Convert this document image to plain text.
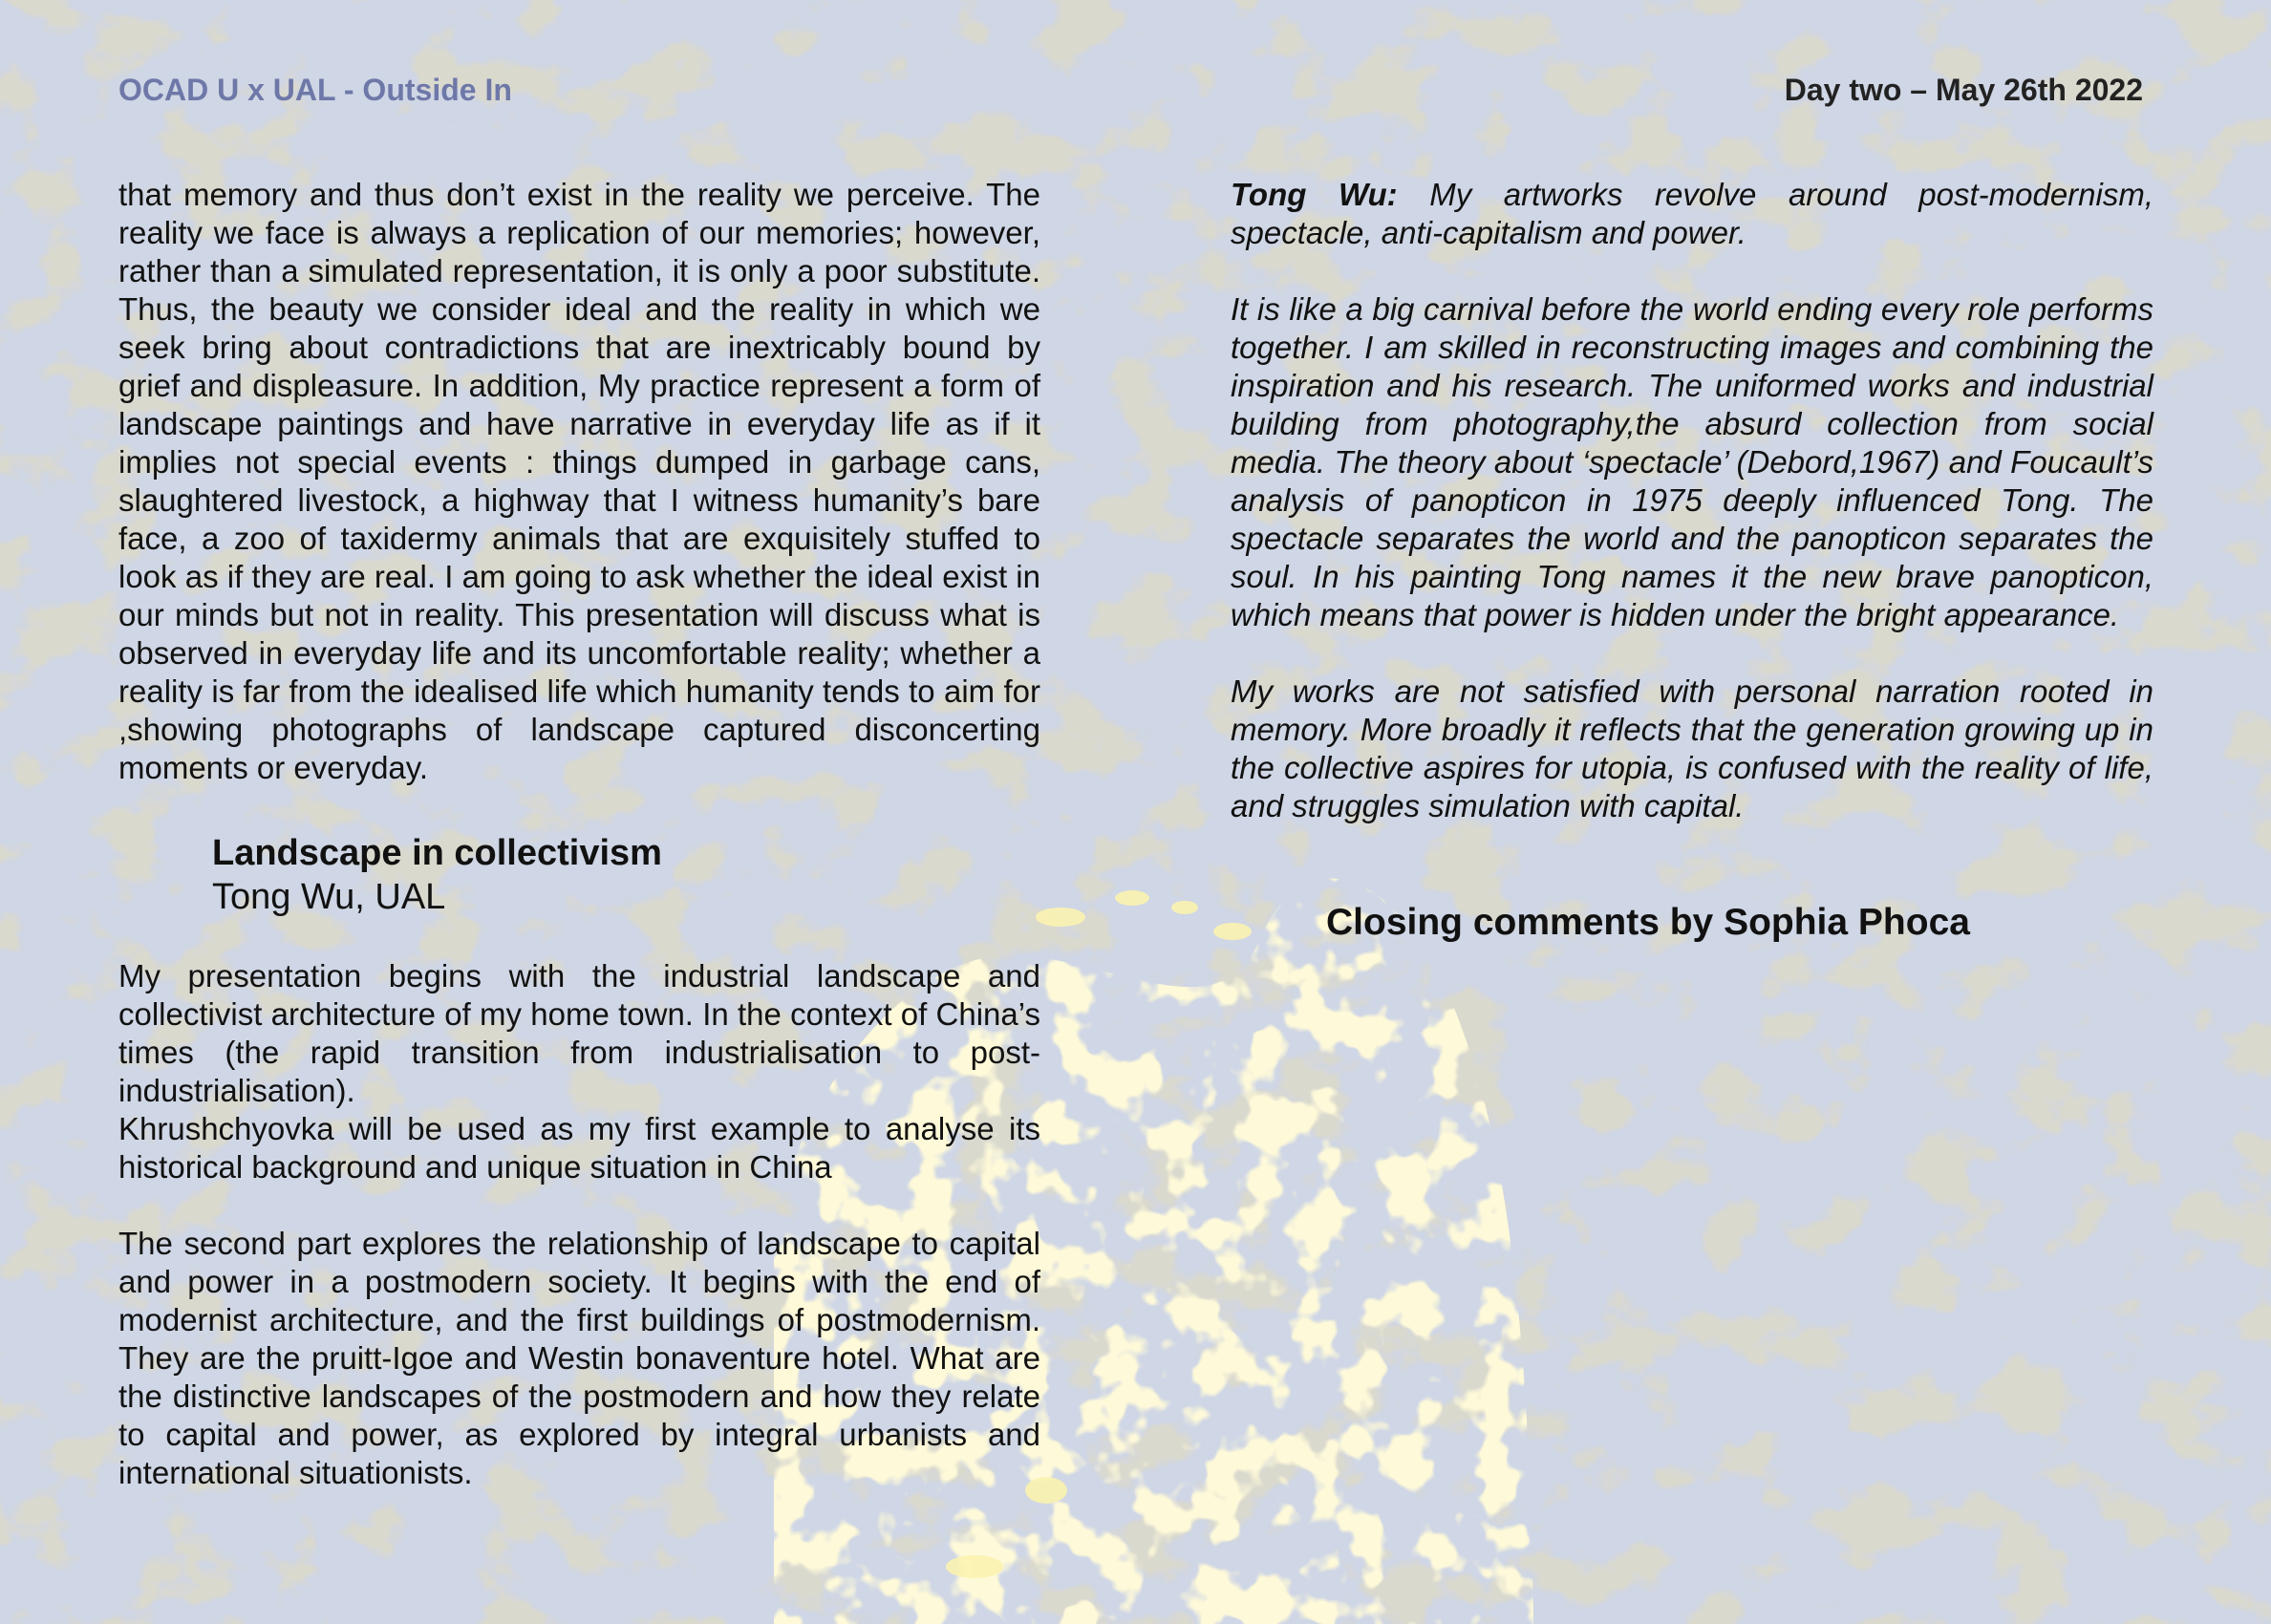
OCAD U x UAL - Outside In	Day two – May 26th 2022

that memory and thus don’t exist in the reality we perceive. The reality we face is always a replication of our memories; however, rather than a simulated representation, it is only a poor substitute. Thus, the beauty we consider ideal and the reality in which we seek bring about contradictions that are inextricably bound by grief and displeasure. In addition, My practice represent a form of landscape paintings and have narrative in everyday life as if it implies not special events : things dumped in garbage cans, slaughtered livestock, a highway that I witness humanity’s bare face, a zoo of taxidermy animals that are exquisitely stuffed to look as if they are real. I am going to ask whether the ideal exist in our minds but not in reality. This presentation will discuss what is observed in everyday life and its uncomfortable reality; whether a reality is far from the idealised life which humanity tends to aim for ,showing photographs of landscape captured disconcerting moments or everyday.

Landscape in collectivism
Tong Wu, UAL

My presentation begins with the industrial landscape and collectivist architecture of my home town. In the context of China’s times (the rapid transition from industrialisation to post-industrialisation).

Khrushchyovka will be used as my first example to analyse its historical background and unique situation in China

The second part explores the relationship of landscape to capital and power in a postmodern society. It begins with the end of modernist architecture, and the first buildings of postmodernism. They are the pruitt-Igoe and Westin bonaventure hotel. What are the distinctive landscapes of the postmodern and how they relate to capital and power, as explored by integral urbanists and international situationists.

Tong Wu: My artworks revolve around post-modernism, spectacle, anti-capitalism and power.

It is like a big carnival before the world ending every role performs together. I am skilled in reconstructing images and combining the inspiration and his research. The uniformed works and industrial building from photography,the absurd collection from social media. The theory about ‘spectacle’ (Debord,1967) and Foucault’s analysis of panopticon in 1975 deeply influenced Tong. The spectacle separates the world and the panopticon separates the soul. In his painting Tong names it the new brave panopticon, which means that power is hidden under the bright appearance.

My works are not satisfied with personal narration rooted in memory. More broadly it reflects that the generation growing up in the collective aspires for utopia, is confused with the reality of life, and struggles simulation with capital.

Closing comments by Sophia Phoca
